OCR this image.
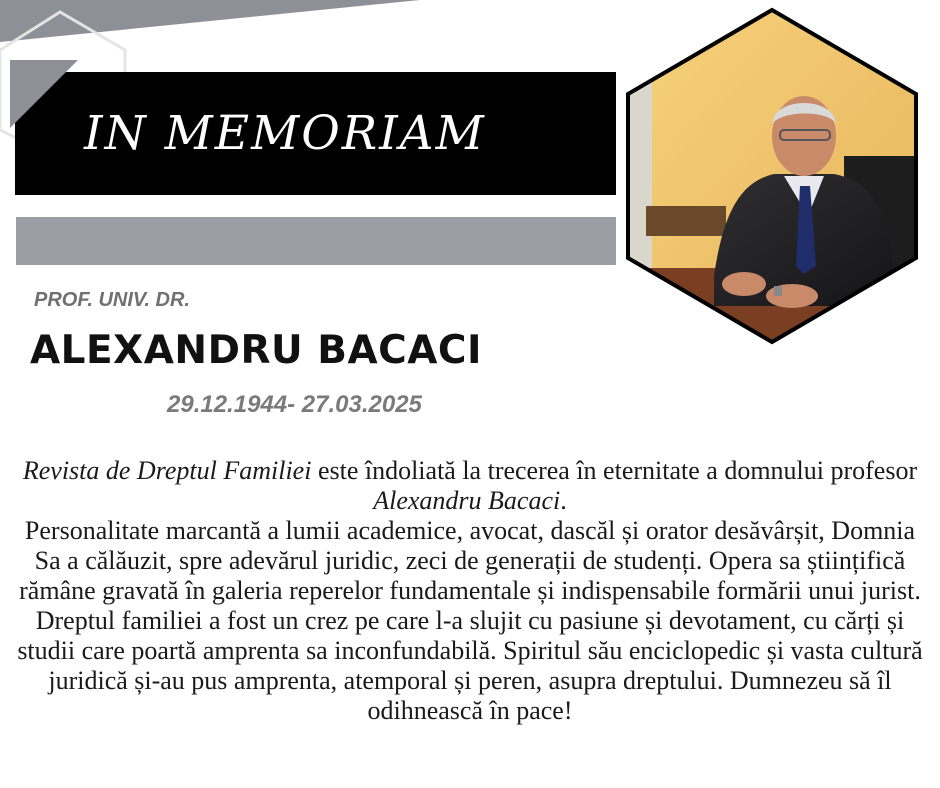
IN MEMORIAM
PROF. UNIV. DR.
ALEXANDRU BACACI
29.12.1944- 27.03.2025

Revista de Dreptul Familiei este îndoliată la trecerea în eternitate a domnului profesor Alexandru Bacaci.

Personalitate marcantă a lumii academice, avocat, dascăl și orator desăvârșit, Domnia Sa a călăuzit, spre adevărul juridic, zeci de generații de studenți. Opera sa științifică rămâne gravată în galeria reperelor fundamentale și indispensabile formării unui jurist. Dreptul familiei a fost un crez pe care l-a slujit cu pasiune și devotament, cu cărți și studii care poartă amprenta sa inconfundabilă. Spiritul său enciclopedic și vasta cultură juridică și-au pus amprenta, atemporal și peren, asupra dreptului. Dumnezeu să îl odihnească în pace!
